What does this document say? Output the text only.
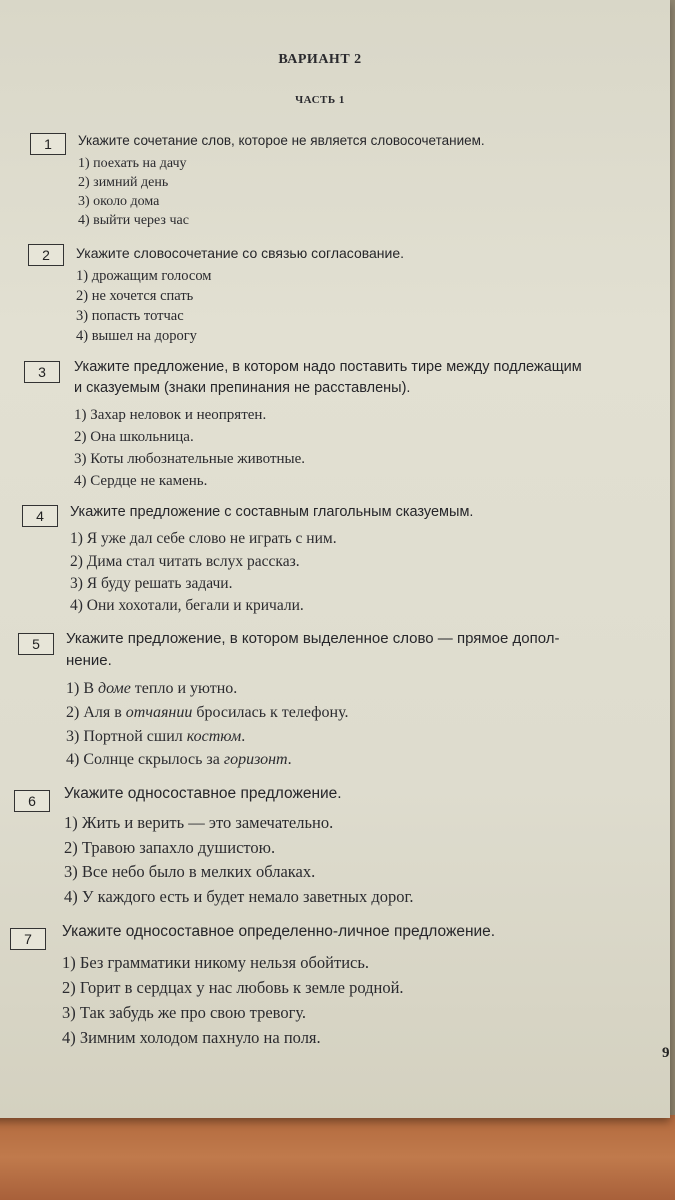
ВАРИАНТ 2
ЧАСТЬ 1
1	Укажите сочетание слов, которое не является словосочетанием.
1) поехать на дачу
2) зимний день
3) около дома
4) выйти через час
2	Укажите словосочетание со связью согласование.
1) дрожащим голосом
2) не хочется спать
3) попасть тотчас
4) вышел на дорогу
3	Укажите предложение, в котором надо поставить тире между подлежащим
и сказуемым (знаки препинания не расставлены).
1) Захар неловок и неопрятен.
2) Она школьница.
3) Коты любознательные животные.
4) Сердце не камень.
4	Укажите предложение с составным глагольным сказуемым.
1) Я уже дал себе слово не играть с ним.
2) Дима стал читать вслух рассказ.
3) Я буду решать задачи.
4) Они хохотали, бегали и кричали.
5	Укажите предложение, в котором выделенное слово — прямое допол-
нение.
1) В доме тепло и уютно.
2) Аля в отчаянии бросилась к телефону.
3) Портной сшил костюм.
4) Солнце скрылось за горизонт.
6	Укажите односоставное предложение.
1) Жить и верить — это замечательно.
2) Травою запахло душистою.
3) Все небо было в мелких облаках.
4) У каждого есть и будет немало заветных дорог.
7	Укажите односоставное определенно-личное предложение.
1) Без грамматики никому нельзя обойтись.
2) Горит в сердцах у нас любовь к земле родной.
3) Так забудь же про свою тревогу.
4) Зимним холодом пахнуло на поля.
9
